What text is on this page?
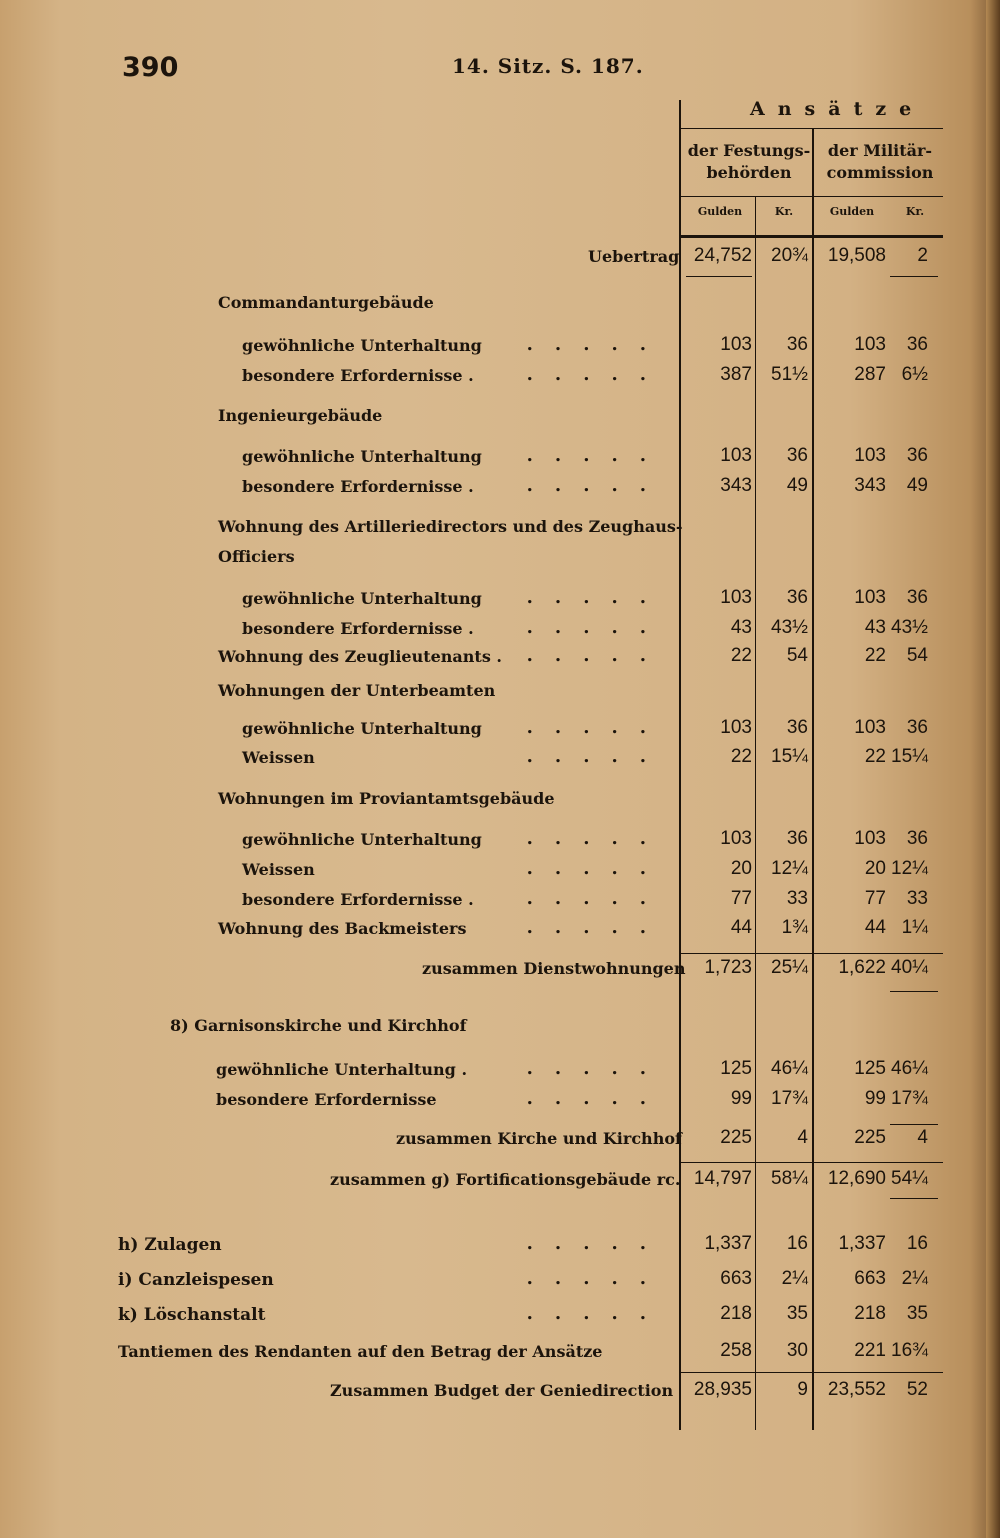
390	14. Sitz. S. 187.
Ansätze
der Festungs-behörden
der Militär-commission
Gulden	Kr.	Gulden	Kr.
Uebertrag 24,752 20¾ 19,508 2
Commandanturgebäude
gewöhnliche Unterhaltung .....	103 36 103 36
besondere Erfordernisse .	.....	387 51½ 287 6½
Ingenieurgebäude
gewöhnliche Unterhaltung .....	103 36 103 36
besondere Erfordernisse .	.....	343 49 343 49
Wohnung des Artilleriedirectors und des Zeughaus-
Officiers
gewöhnliche Unterhaltung .....	103 36 103 36
besondere Erfordernisse .	.....	43 43½	43 43½
Wohnung des Zeuglieutenants . .....	22 54	22 54
Wohnungen der Unterbeamten
gewöhnliche Unterhaltung .....	103 36 103 36
Weissen	.....	22 15¼	22 15¼
Wohnungen im Proviantamtsgebäude
gewöhnliche Unterhaltung .....	103 36 103 36
Weissen	.....	20 12¼	20 12¼
besondere Erfordernisse .	.....	77 33	77 33
Wohnung des Backmeisters	.....	44 1¾	44 1¼
zusammen Dienstwohnungen 1,723 25¼ 1,622 40¼
8) Garnisonskirche und Kirchhof
gewöhnliche Unterhaltung .	.....	125 46¼ 125 46¼
besondere Erfordernisse	.....	99 17¾	99 17¾
zusammen Kirche und Kirchhof 225 4 225 4
zusammen g) Fortificationsgebäude rc. 14,797 58¼ 12,690 54¼
h) Zulagen	..... 1,337 16 1,337 16
i) Canzleispesen	.....	663 2¼ 663 2¼
k) Löschanstalt	.....	218 35 218 35
Tantiemen des Rendanten auf den Betrag der Ansätze	258 30 221 16¾
Zusammen Budget der Geniedirection 28,935 9 23,552 52
